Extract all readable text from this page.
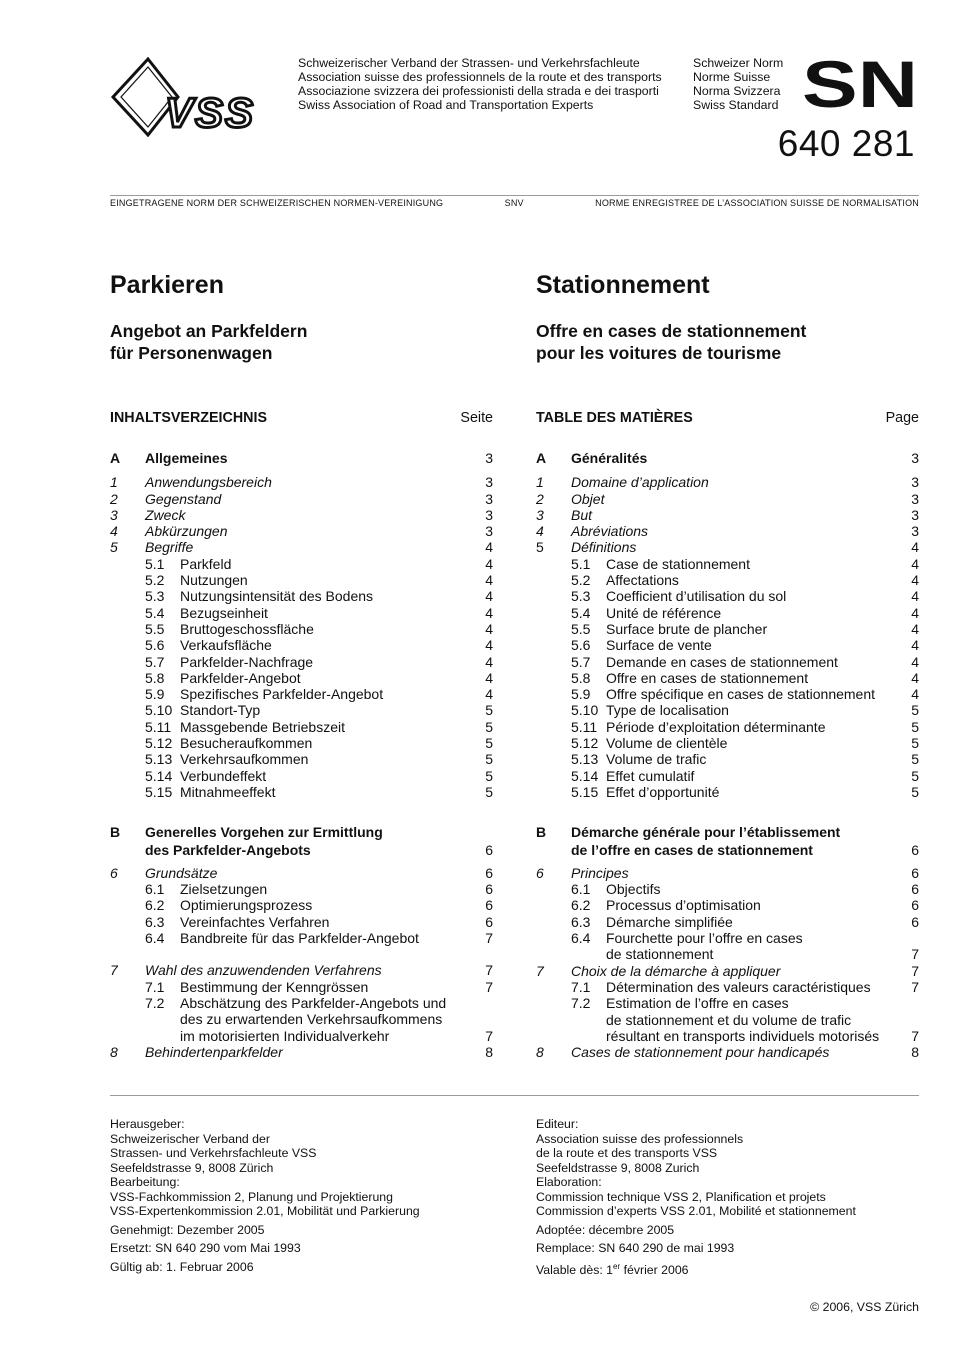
VSS
Schweizerischer Verband der Strassen- und Verkehrsfachleute
Association suisse des professionnels de la route et des transports
Associazione svizzera dei professionisti della strada e dei trasporti
Swiss Association of Road and Transportation Experts
Schweizer Norm
Norme Suisse
Norma Svizzera
Swiss Standard SN
640 281
EINGETRAGENE NORM DER SCHWEIZERISCHEN NORMEN-VEREINIGUNG	SNV	NORME ENREGISTREE DE L’ASSOCIATION SUISSE DE NORMALISATION
Parkieren
Angebot an Parkfeldern
für Personenwagen
INHALTSVERZEICHNIS	Seite
A	Allgemeines	3
1	Anwendungsbereich	3
2	Gegenstand	3
3	Zweck	3
4	Abkürzungen	3
5	Begriffe	4
5.1	Parkfeld	4
5.2	Nutzungen	4
5.3	Nutzungsintensität des Bodens	4
5.4	Bezugseinheit	4
5.5	Bruttogeschossfläche	4
5.6	Verkaufsfläche	4
5.7	Parkfelder-Nachfrage	4
5.8	Parkfelder-Angebot	4
5.9	Spezifisches Parkfelder-Angebot	4
5.10 Standort-Typ	5
5.11 Massgebende Betriebszeit	5
5.12 Besucheraufkommen	5
5.13 Verkehrsaufkommen	5
5.14 Verbundeffekt	5
5.15 Mitnahmeeffekt	5
B	Generelles Vorgehen zur Ermittlung
des Parkfelder-Angebots	6
6	Grundsätze	6
6.1	Zielsetzungen	6
6.2	Optimierungsprozess	6
6.3	Vereinfachtes Verfahren	6
6.4	Bandbreite für das Parkfelder-Angebot	7
7	Wahl des anzuwendenden Verfahrens	7
7.1	Bestimmung der Kenngrössen	7
7.2	Abschätzung des Parkfelder-Angebots und
des zu erwartenden Verkehrsaufkommens
im motorisierten Individualverkehr	7
8	Behindertenparkfelder	8
Stationnement
Offre en cases de stationnement
pour les voitures de tourisme
TABLE DES MATIÈRES	Page
A	Généralités	3
1	Domaine d’application	3
2	Objet	3
3	But	3
4	Abréviations	3
5	Définitions	4
5.1	Case de stationnement	4
5.2	Affectations	4
5.3	Coefficient d’utilisation du sol	4
5.4	Unité de référence	4
5.5	Surface brute de plancher	4
5.6	Surface de vente	4
5.7	Demande en cases de stationnement	4
5.8	Offre en cases de stationnement	4
5.9	Offre spécifique en cases de stationnement	4
5.10 Type de localisation	5
5.11 Période d’exploitation déterminante	5
5.12 Volume de clientèle	5
5.13 Volume de trafic	5
5.14 Effet cumulatif	5
5.15 Effet d’opportunité	5
B	Démarche générale pour l’établissement
de l’offre en cases de stationnement	6
6	Principes	6
6.1	Objectifs	6
6.2	Processus d’optimisation	6
6.3	Démarche simplifiée	6
6.4	Fourchette pour l’offre en cases
de stationnement	7
7	Choix de la démarche à appliquer	7
7.1	Détermination des valeurs caractéristiques	7
7.2	Estimation de l’offre en cases
de stationnement et du volume de trafic
résultant en transports individuels motorisés	7
8	Cases de stationnement pour handicapés	8
Herausgeber:
Schweizerischer Verband der
Strassen- und Verkehrsfachleute VSS
Seefeldstrasse 9, 8008 Zürich
Bearbeitung:
VSS-Fachkommission 2, Planung und Projektierung
VSS-Expertenkommission 2.01, Mobilität und Parkierung
Genehmigt: Dezember 2005
Ersetzt: SN 640 290 vom Mai 1993
Gültig ab: 1. Februar 2006
Editeur:
Association suisse des professionnels
de la route et des transports VSS
Seefeldstrasse 9, 8008 Zurich
Elaboration:
Commission technique VSS 2, Planification et projets
Commission d’experts VSS 2.01, Mobilité et stationnement
Adoptée: décembre 2005
Remplace: SN 640 290 de mai 1993
Valable dès: 1er février 2006
© 2006, VSS Zürich
